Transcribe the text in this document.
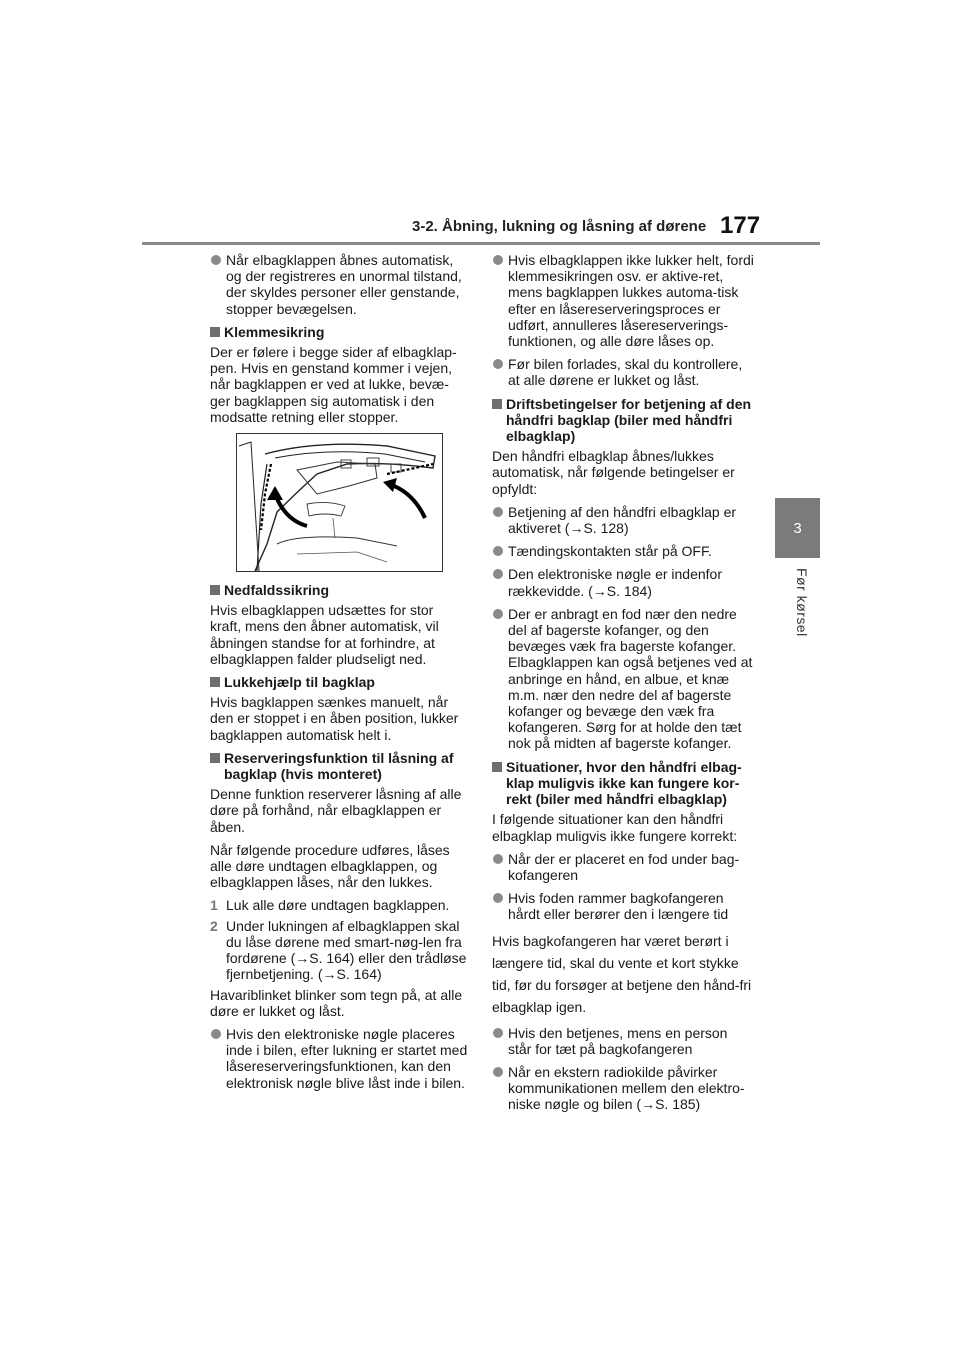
3-2. Åbning, lukning og låsning af dørene 177
3
Før kørsel
Når elbagklappen åbnes automatisk, og der registreres en unormal tilstand, der skyldes personer eller genstande, stopper bevægelsen.
Klemmesikring

Der er følere i begge sider af elbagklap-pen. Hvis en genstand kommer i vejen, når bagklappen er ved at lukke, bevæ-ger bagklappen sig automatisk i den modsatte retning eller stopper.

Nedfaldssikring

Hvis elbagklappen udsættes for stor kraft, mens den åbner automatisk, vil åbningen standse for at forhindre, at elbagklappen falder pludseligt ned.

Lukkehjælp til bagklap

Hvis bagklappen sænkes manuelt, når den er stoppet i en åben position, lukker bagklappen automatisk helt i.

Reserveringsfunktion til låsning af bagklap (hvis monteret)

Denne funktion reserverer låsning af alle døre på forhånd, når elbagklappen er åben.

Når følgende procedure udføres, låses alle døre undtagen elbagklappen, og elbagklappen låses, når den lukkes.

1 Luk alle døre undtagen bagklappen.
2 Under lukningen af elbagklappen skal du låse dørene med smart-nøg-len fra fordørene (→S. 164) eller den trådløse fjernbetjening. (→S. 164)

Havariblinket blinker som tegn på, at alle døre er lukket og låst.

Hvis den elektroniske nøgle placeres inde i bilen, efter lukning er startet med låsereserveringsfunktionen, kan den elektronisk nøgle blive låst inde i bilen.
Hvis elbagklappen ikke lukker helt, fordi klemmesikringen osv. er aktive-ret, mens bagklappen lukkes automa-tisk efter en låsereserveringsproces er udført, annulleres låsereserverings-funktionen, og alle døre låses op.
Før bilen forlades, skal du kontrollere, at alle dørene er lukket og låst.
Driftsbetingelser for betjening af den håndfri bagklap (biler med håndfri elbagklap)

Den håndfri elbagklap åbnes/lukkes automatisk, når følgende betingelser er opfyldt:

Betjening af den håndfri elbagklap er aktiveret (→S. 128)
Tændingskontakten står på OFF.
Den elektroniske nøgle er indenfor rækkevidde. (→S. 184)
Der er anbragt en fod nær den nedre del af bagerste kofanger, og den bevæges væk fra bagerste kofanger. Elbagklappen kan også betjenes ved at anbringe en hånd, en albue, et knæ m.m. nær den nedre del af bagerste kofanger og bevæge den væk fra kofangeren. Sørg for at holde den tæt nok på midten af bagerste kofanger.
Situationer, hvor den håndfri elbag-klap muligvis ikke kan fungere kor-rekt (biler med håndfri elbagklap)

I følgende situationer kan den håndfri elbagklap muligvis ikke fungere korrekt:

Når der er placeret en fod under bag-kofangeren
Hvis foden rammer bagkofangeren hårdt eller berører den i længere tid

Hvis bagkofangeren har været berørt i længere tid, skal du vente et kort stykke tid, før du forsøger at betjene den hånd-fri elbagklap igen.

Hvis den betjenes, mens en person står for tæt på bagkofangeren
Når en ekstern radiokilde påvirker kommunikationen mellem den elektro-niske nøgle og bilen (→S. 185)
